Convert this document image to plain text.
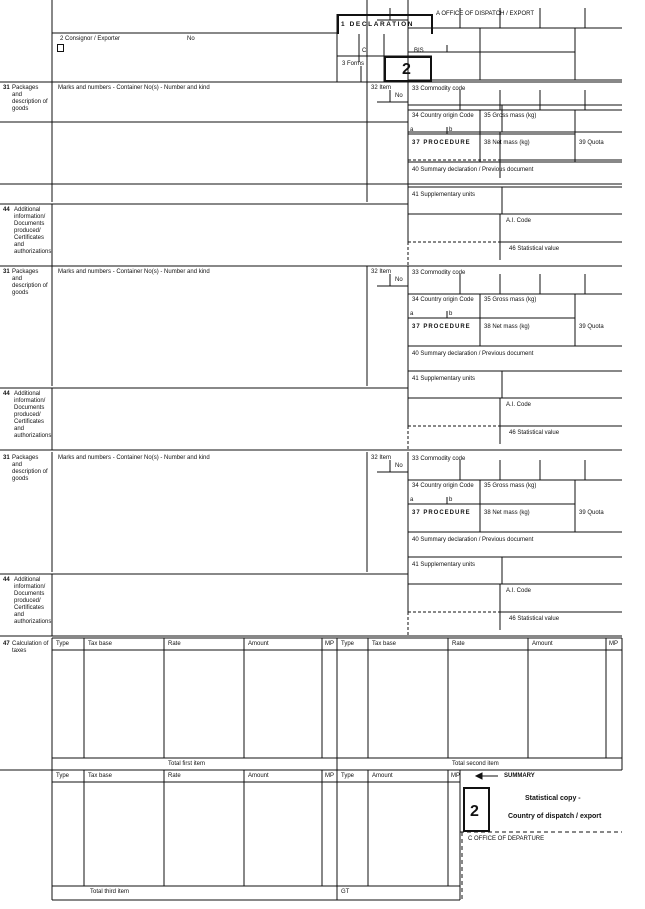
A OFFICE OF DISPATCH / EXPORT
1 DECLARATION
C	BIS
3 Forms 2
2 Consignor / Exporter	No
31 Packages and description of goods
Marks and numbers - Container No(s) - Number and kind	32 Item
No
33 Commodity code
34 Country origin Code 35 Gross mass (kg)
a	b
37 PROCEDURE 38 Net mass (kg)	39 Quota
40 Summary declaration / Previous document
41 Supplementary units
44 Additional information/ Documents produced/ Certificates and authorizations
A.I. Code
46 Statistical value
31 Packages and description of goods
Marks and numbers - Container No(s) - Number and kind	32 Item
No
33 Commodity code
34 Country origin Code 35 Gross mass (kg)
a	b
37 PROCEDURE 38 Net mass (kg)	39 Quota
40 Summary declaration / Previous document
41 Supplementary units
44 Additional information/ Documents produced/ Certificates and authorizations
A.I. Code
46 Statistical value
31 Packages and description of goods
Marks and numbers - Container No(s) - Number and kind	32 Item
No
33 Commodity code
34 Country origin Code 35 Gross mass (kg)
a	b
37 PROCEDURE 38 Net mass (kg)	39 Quota
40 Summary declaration / Previous document
41 Supplementary units
44 Additional information/ Documents produced/ Certificates and authorizations
A.I. Code
46 Statistical value
47 Calculation of taxes
Type	Tax base	Rate	Amount	MP Type	Tax base	Rate	Amount	MP
Total first item	Total second item
Type	Tax base	Rate	Amount	MP Type	Amount	MP	SUMMARY
Total third item	GT
2
Statistical copy -
Country of dispatch / export
C OFFICE OF DEPARTURE
